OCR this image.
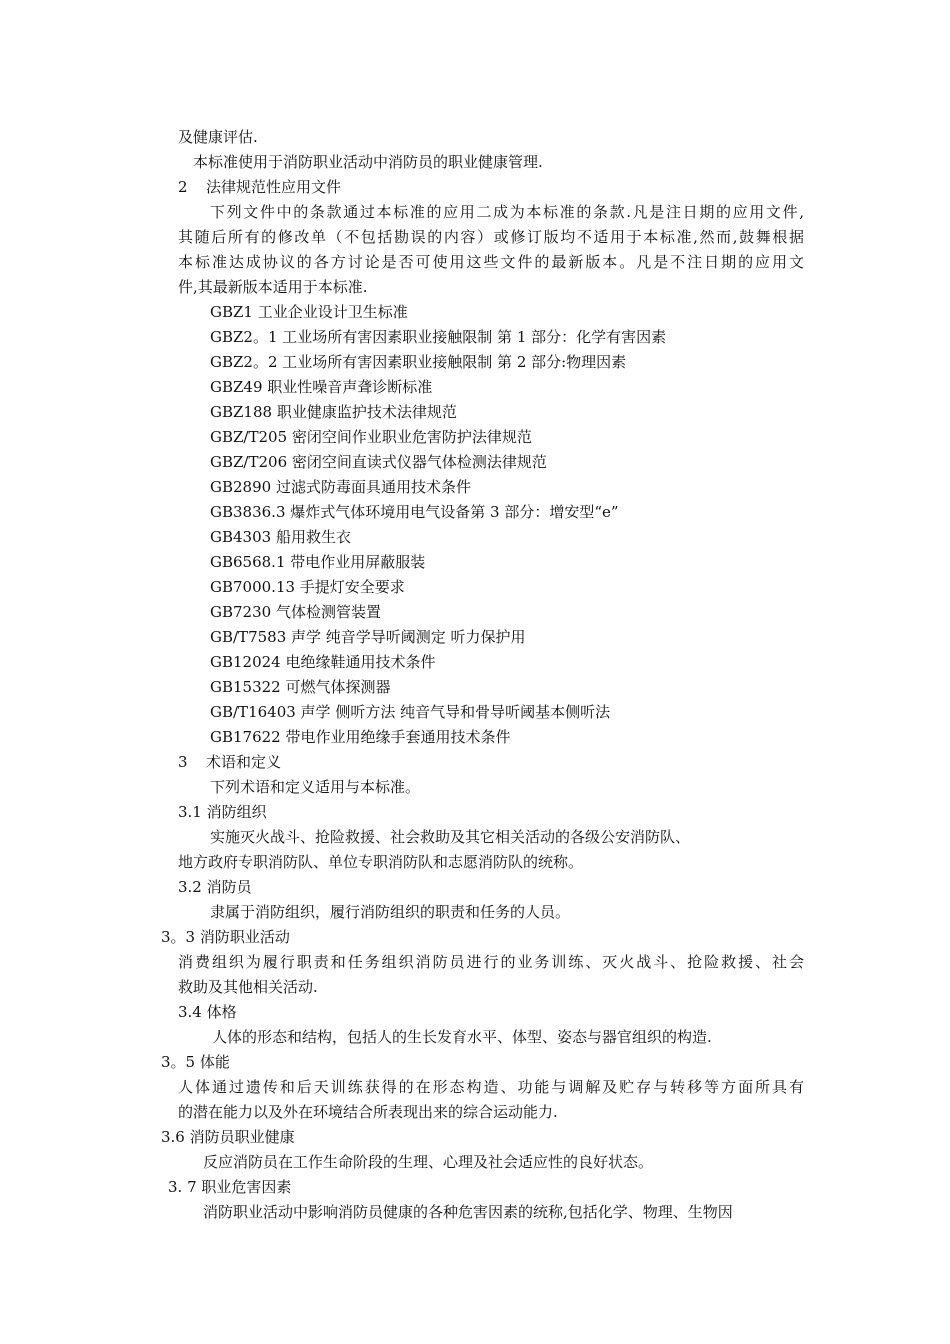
及健康评估.
本标准使用于消防职业活动中消防员的职业健康管理.
2 法律规范性应用文件
下列文件中的条款通过本标准的应用二成为本标准的条款.凡是注日期的应用文件,
其随后所有的修改单（不包括勘误的内容）或修订版均不适用于本标准,然而,鼓舞根据
本标准达成协议的各方讨论是否可使用这些文件的最新版本。凡是不注日期的应用文
件,其最新版本适用于本标准.
GBZ1 工业企业设计卫生标准
GBZ2。1 工业场所有害因素职业接触限制 第 1 部分：化学有害因素
GBZ2。2 工业场所有害因素职业接触限制 第 2 部分:物理因素
GBZ49 职业性噪音声聋诊断标准
GBZ188 职业健康监护技术法律规范
GBZ/T205 密闭空间作业职业危害防护法律规范
GBZ/T206 密闭空间直读式仪器气体检测法律规范
GB2890 过滤式防毒面具通用技术条件
GB3836.3 爆炸式气体环境用电气设备第 3 部分：增安型“e”
GB4303 船用救生衣
GB6568.1 带电作业用屏蔽服装
GB7000.13 手提灯安全要求
GB7230 气体检测管装置
GB/T7583 声学 纯音学导听阈测定 听力保护用
GB12024 电绝缘鞋通用技术条件
GB15322 可燃气体探测器
GB/T16403 声学 侧听方法 纯音气导和骨导听阈基本侧听法
GB17622 带电作业用绝缘手套通用技术条件
3 术语和定义
下列术语和定义适用与本标准。
3.1 消防组织
实施灭火战斗、抢险救援、社会救助及其它相关活动的各级公安消防队、
地方政府专职消防队、单位专职消防队和志愿消防队的统称。
3.2 消防员
隶属于消防组织，履行消防组织的职责和任务的人员。
3。3 消防职业活动
消费组织为履行职责和任务组织消防员进行的业务训练、灭火战斗、抢险救援、社会
救助及其他相关活动.
3.4 体格
人体的形态和结构，包括人的生长发育水平、体型、姿态与器官组织的构造.
3。5 体能
人体通过遗传和后天训练获得的在形态构造、功能与调解及贮存与转移等方面所具有
的潜在能力以及外在环境结合所表现出来的综合运动能力.
3.6 消防员职业健康
反应消防员在工作生命阶段的生理、心理及社会适应性的良好状态。
3. 7 职业危害因素
消防职业活动中影响消防员健康的各种危害因素的统称,包括化学、物理、生物因
